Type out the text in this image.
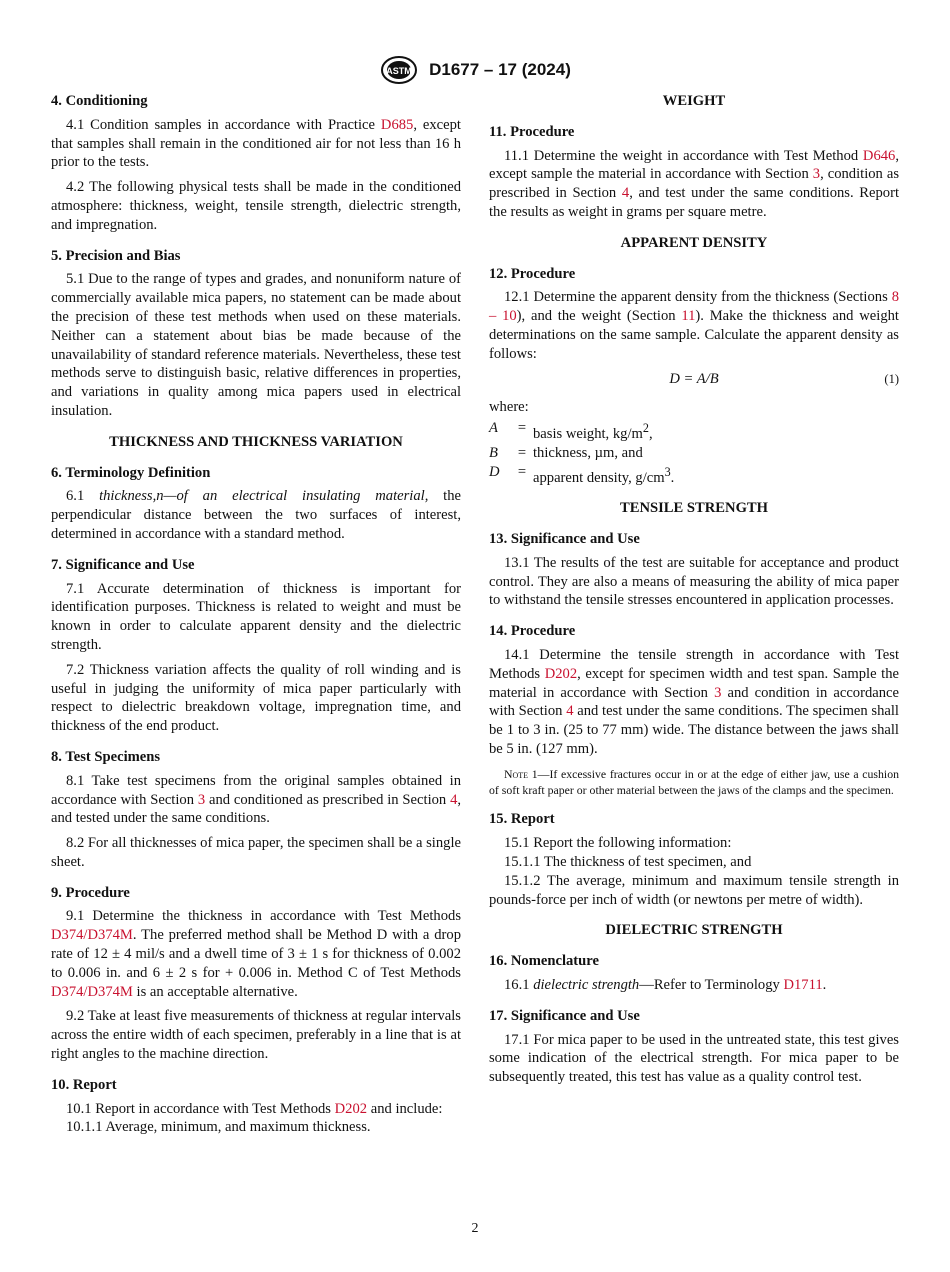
ASTM D1677 – 17 (2024)
4. Conditioning

4.1 Condition samples in accordance with Practice D685, except that samples shall remain in the conditioned air for not less than 16 h prior to the tests.

4.2 The following physical tests shall be made in the conditioned atmosphere: thickness, weight, tensile strength, dielectric strength, and impregnation.

5. Precision and Bias

5.1 Due to the range of types and grades, and nonuniform nature of commercially available mica papers, no statement can be made about the precision of these test methods when used on these materials. Neither can a statement about bias be made because of the unavailability of standard reference materials. Nevertheless, these test methods serve to distinguish basic, relative differences in properties, and variations in quality among mica papers used in electrical insulation.

THICKNESS AND THICKNESS VARIATION
6. Terminology Definition

6.1 thickness,n—of an electrical insulating material, the perpendicular distance between the two surfaces of interest, determined in accordance with a standard method.

7. Significance and Use

7.1 Accurate determination of thickness is important for identification purposes. Thickness is related to weight and must be known in order to calculate apparent density and the dielectric strength.

7.2 Thickness variation affects the quality of roll winding and is useful in judging the uniformity of mica paper particularly with respect to dielectric breakdown voltage, impregnation time, and thickness of the end product.

8. Test Specimens

8.1 Take test specimens from the original samples obtained in accordance with Section 3 and conditioned as prescribed in Section 4, and tested under the same conditions.

8.2 For all thicknesses of mica paper, the specimen shall be a single sheet.

9. Procedure

9.1 Determine the thickness in accordance with Test Methods D374/D374M. The preferred method shall be Method D with a drop rate of 12 ± 4 mil/s and a dwell time of 3 ± 1 s for thickness of 0.002 to 0.006 in. and 6 ± 2 s for + 0.006 in. Method C of Test Methods D374/D374M is an acceptable alternative.

9.2 Take at least five measurements of thickness at regular intervals across the entire width of each specimen, preferably in a line that is at right angles to the machine direction.

10. Report

10.1 Report in accordance with Test Methods D202 and include:

10.1.1 Average, minimum, and maximum thickness.

WEIGHT
11. Procedure

11.1 Determine the weight in accordance with Test Method D646, except sample the material in accordance with Section 3, condition as prescribed in Section 4, and test under the same conditions. Report the results as weight in grams per square metre.

APPARENT DENSITY
12. Procedure

12.1 Determine the apparent density from the thickness (Sections 8 – 10), and the weight (Section 11). Make the thickness and weight determinations on the same sample. Calculate the apparent density as follows:

D = A/B	(1)
where:
A	= basis weight, $kg/m^2$,
B	= thickness, µm, and
D	= apparent density, $g/cm^3$.
TENSILE STRENGTH
13. Significance and Use

13.1 The results of the test are suitable for acceptance and product control. They are also a means of measuring the ability of mica paper to withstand the tensile stresses encountered in application processes.

14. Procedure

14.1 Determine the tensile strength in accordance with Test Methods D202, except for specimen width and test span. Sample the material in accordance with Section 3 and condition in accordance with Section 4 and test under the same conditions. The specimen shall be 1 to 3 in. (25 to 77 mm) wide. The distance between the jaws shall be 5 in. (127 mm).

Note 1—If excessive fractures occur in or at the edge of either jaw, use a cushion of soft kraft paper or other material between the jaws of the clamps and the specimen.
15. Report

15.1 Report the following information:

15.1.1 The thickness of test specimen, and

15.1.2 The average, minimum and maximum tensile strength in pounds-force per inch of width (or newtons per metre of width).

DIELECTRIC STRENGTH
16. Nomenclature

16.1 dielectric strength—Refer to Terminology D1711.

17. Significance and Use

17.1 For mica paper to be used in the untreated state, this test gives some indication of the electrical strength. For mica paper to be subsequently treated, this test has value as a quality control test.

2
